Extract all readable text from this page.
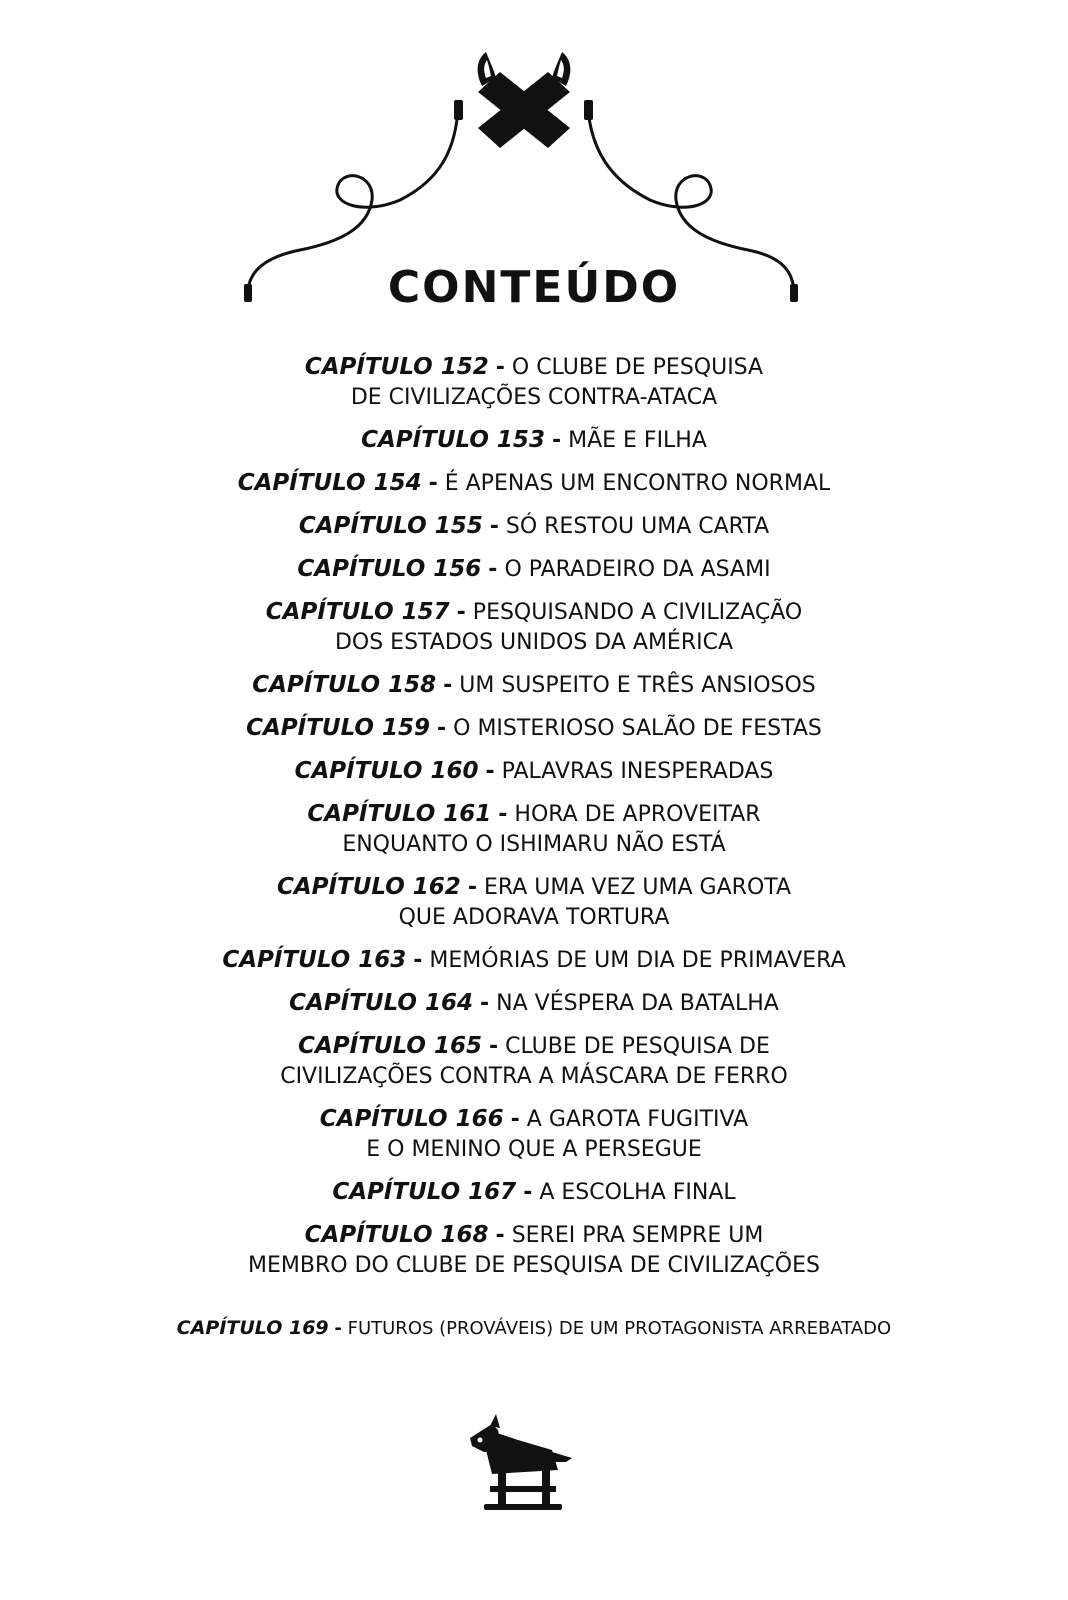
CONTEÚDO
CAPÍTULO 152 - O CLUBE DE PESQUISA
DE CIVILIZAÇÕES CONTRA-ATACA
CAPÍTULO 153 - MÃE E FILHA
CAPÍTULO 154 - É APENAS UM ENCONTRO NORMAL
CAPÍTULO 155 - SÓ RESTOU UMA CARTA
CAPÍTULO 156 - O PARADEIRO DA ASAMI
CAPÍTULO 157 - PESQUISANDO A CIVILIZAÇÃO
DOS ESTADOS UNIDOS DA AMÉRICA
CAPÍTULO 158 - UM SUSPEITO E TRÊS ANSIOSOS
CAPÍTULO 159 - O MISTERIOSO SALÃO DE FESTAS
CAPÍTULO 160 - PALAVRAS INESPERADAS
CAPÍTULO 161 - HORA DE APROVEITAR
ENQUANTO O ISHIMARU NÃO ESTÁ
CAPÍTULO 162 - ERA UMA VEZ UMA GAROTA
QUE ADORAVA TORTURA
CAPÍTULO 163 - MEMÓRIAS DE UM DIA DE PRIMAVERA
CAPÍTULO 164 - NA VÉSPERA DA BATALHA
CAPÍTULO 165 - CLUBE DE PESQUISA DE
CIVILIZAÇÕES CONTRA A MÁSCARA DE FERRO
CAPÍTULO 166 - A GAROTA FUGITIVA
E O MENINO QUE A PERSEGUE
CAPÍTULO 167 - A ESCOLHA FINAL
CAPÍTULO 168 - SEREI PRA SEMPRE UM
MEMBRO DO CLUBE DE PESQUISA DE CIVILIZAÇÕES
CAPÍTULO 169 - FUTUROS (PROVÁVEIS) DE UM PROTAGONISTA ARREBATADO
